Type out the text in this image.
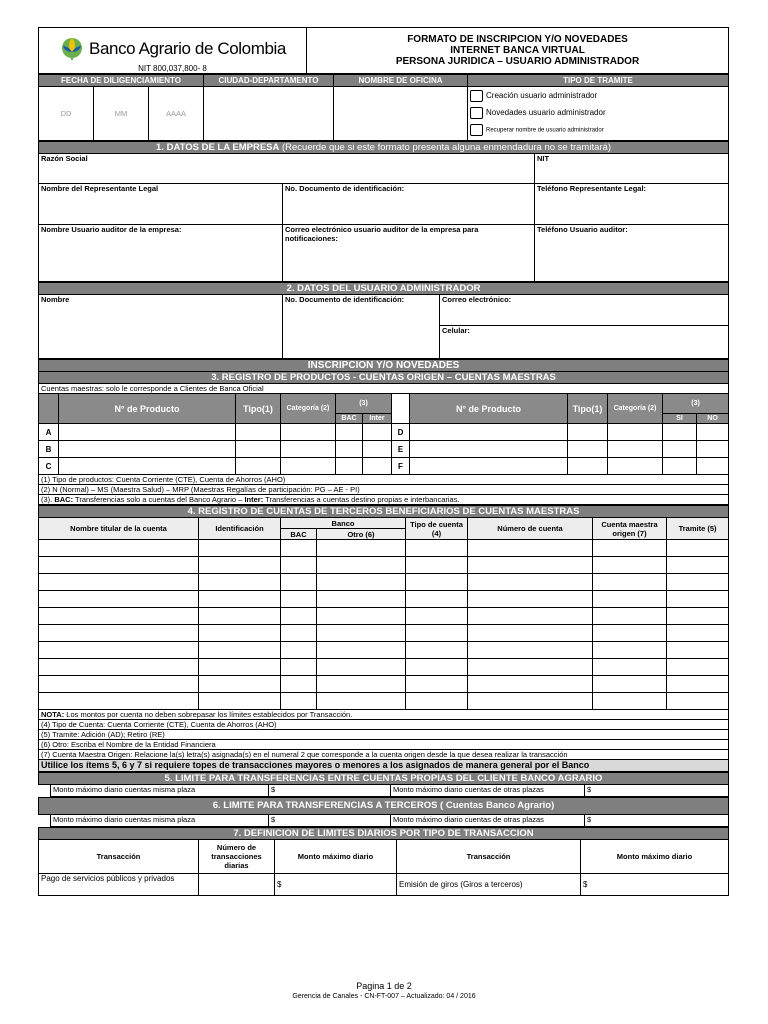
Banco Agrario de Colombia
NIT 800,037,800- 8

FORMATO DE INSCRIPCION Y/O NOVEDADES
INTERNET BANCA VIRTUAL
PERSONA JURIDICA – USUARIO ADMINISTRADOR
FECHA DE DILIGENCIAMIENTO			CIUDAD-DEPARTAMENTO	NOMBRE DE OFICINA	TIPO DE TRAMITE
DD	MM	AAAA			Creación usuario administrador
Novedades usuario administrador
Recuperar nombre de usuario administrador
1. DATOS DE LA EMPRESA (Recuerde que si este formato presenta alguna enmendadura no se tramitará)		
Razón Social		NIT
Nombre del Representante Legal	No. Documento de identificación:	Teléfono Representante Legal:
Nombre Usuario auditor de la empresa:	Correo electrónico usuario auditor de la empresa para notificaciones:	Teléfono Usuario auditor:
2. DATOS DEL USUARIO ADMINISTRADOR
Nombre	No. Documento de identificación:	Correo electrónico:
Celular:
INSCRIPCION Y/O NOVEDADES											
3. REGISTRO DE PRODUCTOS - CUENTAS ORIGEN – CUENTAS MAESTRAS											
Cuentas maestras: solo le corresponde a Clientes de Banca Oficial											
	N° de Producto	Tipo(1)	Categoría (2)	(3)			N° de Producto	Tipo(1)	Categoría (2)	(3)	
				BAC	Inter					SI	NO
A						D					
B						E					
C						F					
(1) Tipo de productos: Cuenta Corriente (CTE), Cuenta de Ahorros (AHO)											
(2) N (Normal) – MS (Maestra Salud) – MRP (Maestras Regalías de participación: PG – AE - PI)											
(3). BAC: Transferencias solo a cuentas del Banco Agrario – Inter: Transferencias a cuentas destino propias e interbancarias.											
4. REGISTRO DE CUENTAS DE TERCEROS BENEFICIARIOS DE CUENTAS MAESTRAS							
Nombre titular de la cuenta	Identificación	Banco		Tipo de cuenta (4)	Número de cuenta	Cuenta maestra origen (7)	Tramite (5)
		BAC	Otro (6)				

NOTA: Los montos por cuenta no deben sobrepasar los límites establecidos por Transacción.							
(4) Tipo de Cuenta: Cuenta Corriente (CTE), Cuenta de Ahorros (AHO)							
(5) Tramite: Adición (AD); Retiro (RE)							
(6) Otro: Escriba el Nombre de la Entidad Financiera							
(7) Cuenta Maestra Origen: Relacione la(s) letra(s) asignada(s) en el numeral 2 que corresponde a la cuenta origen desde la que desea realizar la transacción							
Utilice los ítems 5, 6 y 7 si requiere topes de transacciones mayores o menores a los asignados de manera general por el Banco							
5. LIMITE PARA TRANSFERENCIAS ENTRE CUENTAS PROPIAS DEL CLIENTE BANCO AGRARIO
	Monto máximo diario cuentas misma plaza	$	Monto máximo diario cuentas de otras plazas	$
6. LIMITE PARA TRANSFERENCIAS A TERCEROS ( Cuentas Banco Agrario)
	Monto máximo diario cuentas misma plaza	$	Monto máximo diario cuentas de otras plazas	$
7. DEFINICION DE LIMITES DIARIOS POR TIPO DE TRANSACCION				
Transacción	Número de transacciones diarias	Monto máximo diario	Transacción	Monto máximo diario
Pago de servicios públicos y privados		$	Emisión de giros (Giros a terceros)	$
Pagina 1 de 2
Gerencia de Canales - CN-FT-007 – Actualizado: 04 / 2016
